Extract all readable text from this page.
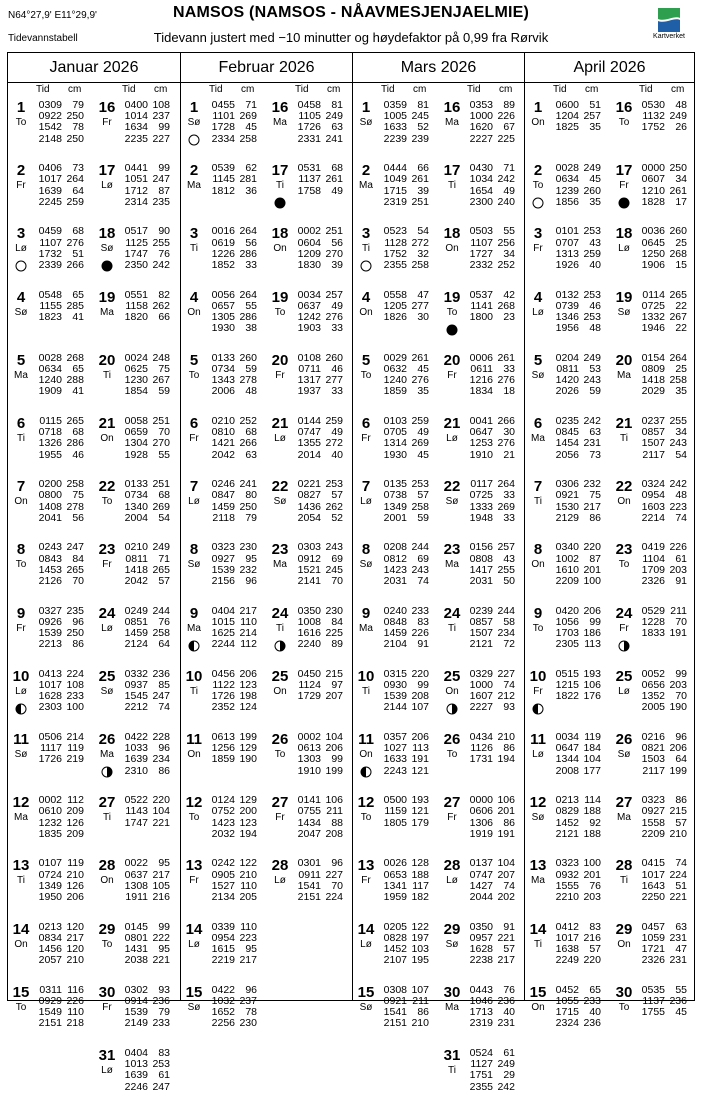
N64°27,9' E11°29,9'
Tidevannstabell
NAMSOS (NAMSOS - NÅAVMESJENJAELMIE)
Tidevann justert med −10 minutter og høydefaktor på 0,99 fra Rørvik	Kartverket
Januar 2026
Tid cm	Tid cm
1
To
0309 79
0922 250
1542 78
2148 250
2
Fr
0406 73
1017 264
1639 64
2245 259
3
Lø
0459 68
1107 276
1732 51
2339 266
4
Sø
0548 65
1155 285
1823 41
5
Ma
0028 268
0634 65
1240 288
1909 41
6
Ti
0115 265
0718 68
1326 286
1955 46
7
On
0200 258
0800 75
1408 278
2041 56
8
To
0243 247
0843 84
1453 265
2126 70
9
Fr
0327 235
0926 96
1539 250
2213 86
10
Lø
0413 224
1017 108
1628 233
2303 100
11
Sø
0506 214
1117 119
1726 219
12
Ma
0002 112
0610 209
1232 126
1835 209
13
Ti
0107 119
0724 210
1349 126
1950 206
14
On
0213 120
0834 217
1456 120
2057 210
15
To
0311 116
0929 226
1549 110
2151 218
16
Fr
0400 108
1014 237
1634 99
2235 227
17
Lø
0441 99
1051 247
1712 87
2314 235
18
Sø
0517 90
1125 255
1747 76
2350 242
19
Ma
0551 82
1158 262
1820 66
20
Ti
0024 248
0625 75
1230 267
1854 59
21
On
0058 251
0659 70
1304 270
1928 55
22
To
0133 251
0734 68
1340 269
2004 54
23
Fr
0210 249
0811 71
1418 265
2042 57
24
Lø
0249 244
0851 76
1459 258
2124 64
25
Sø
0332 236
0937 85
1545 247
2212 74
26
Ma
0422 228
1033 96
1639 234
2310 86
27
Ti
0522 220
1143 104
1747 221
28
On
0022 95
0637 217
1308 105
1911 216
29
To
0145 99
0801 222
1431 95
2038 221
30
Fr
0302 93
0914 236
1539 79
2149 233
31
Lø
0404 83
1013 253
1639 61
2246 247
Februar 2026
Tid cm	Tid cm
1
Sø
0455 71
1101 269
1728 45
2334 258
2
Ma
0539 62
1145 281
1812 36
3
Ti
0016 264
0619 56
1226 286
1852 33
4
On
0056 264
0657 55
1305 286
1930 38
5
To
0133 260
0734 59
1343 278
2006 48
6
Fr
0210 252
0810 68
1421 266
2042 63
7
Lø
0246 241
0847 80
1459 250
2118 79
8
Sø
0323 230
0927 95
1539 232
2156 96
9
Ma
0404 217
1015 110
1625 214
2244 112
10
Ti
0456 206
1122 123
1726 198
2352 124
11
On
0613 199
1256 129
1859 190
12
To
0124 129
0752 200
1423 123
2032 194
13
Fr
0242 122
0905 210
1527 110
2134 205
14
Lø
0339 110
0954 223
1615 95
2219 217
15
Sø
0422 96
1032 237
1652 78
2256 230
16
Ma
0458 81
1105 249
1726 63
2331 241
17
Ti
0531 68
1137 261
1758 49
18
On
0002 251
0604 56
1209 270
1830 39
19
To
0034 257
0637 49
1242 276
1903 33
20
Fr
0108 260
0711 46
1317 277
1937 33
21
Lø
0144 259
0747 49
1355 272
2014 40
22
Sø
0221 253
0827 57
1436 262
2054 52
23
Ma
0303 243
0912 69
1521 245
2141 70
24
Ti
0350 230
1008 84
1616 225
2240 89
25
On
0450 215
1124 97
1729 207
26
To
0002 104
0613 206
1303 99
1910 199
27
Fr
0141 106
0755 211
1434 88
2047 208
28
Lø
0301 96
0911 227
1541 70
2151 224
Mars 2026
Tid cm	Tid cm
1
Sø
0359 81
1005 245
1633 52
2239 239
2
Ma
0444 66
1049 261
1715 39
2319 251
3
Ti
0523 54
1128 272
1752 32
2355 258
4
On
0558 47
1205 277
1826 30
5
To
0029 261
0632 45
1240 276
1859 35
6
Fr
0103 259
0705 49
1314 269
1930 45
7
Lø
0135 253
0738 57
1349 258
2001 59
8
Sø
0208 244
0812 69
1423 243
2031 74
9
Ma
0240 233
0848 83
1459 226
2104 91
10
Ti
0315 220
0930 99
1539 208
2144 107
11
On
0357 206
1027 113
1633 191
2243 121
12
To
0500 193
1159 121
1805 179
13
Fr
0026 128
0653 188
1341 117
1959 182
14
Lø
0205 122
0828 197
1452 103
2107 195
15
Sø
0308 107
0921 211
1541 86
2151 210
16
Ma
0353 89
1000 226
1620 67
2227 225
17
Ti
0430 71
1034 242
1654 49
2300 240
18
On
0503 55
1107 256
1727 34
2332 252
19
To
0537 42
1141 268
1800 23
20
Fr
0006 261
0611 33
1216 276
1834 18
21
Lø
0041 266
0647 30
1253 276
1910 21
22
Sø
0117 264
0725 33
1333 269
1948 33
23
Ma
0156 257
0808 43
1417 255
2031 50
24
Ti
0239 244
0857 58
1507 234
2121 72
25
On
0329 227
1000 74
1607 212
2227 93
26
To
0434 210
1126 86
1731 194
27
Fr
0000 106
0606 201
1306 86
1919 191
28
Lø
0137 104
0747 207
1427 74
2044 202
29
Sø
0350 91
0957 221
1628 57
2238 217
30
Ma
0443 76
1046 236
1713 40
2319 231
31
Ti
0524 61
1127 249
1751 29
2355 242
April 2026
Tid cm	Tid cm
1
On
0600 51
1204 257
1825 35
2
To
0028 249
0634 45
1239 260
1856 35
3
Fr
0101 253
0707 43
1313 259
1926 40
4
Lø
0132 253
0739 46
1346 253
1956 48
5
Sø
0204 249
0811 53
1420 243
2026 59
6
Ma
0235 242
0845 63
1454 231
2056 73
7
Ti
0306 232
0921 75
1530 217
2129 86
8
On
0340 220
1002 87
1610 201
2209 100
9
To
0420 206
1056 99
1703 186
2305 113
10
Fr
0515 193
1215 106
1822 176
11
Lø
0034 119
0647 184
1344 104
2008 177
12
Sø
0213 114
0829 188
1452 92
2121 188
13
Ma
0323 100
0932 201
1555 76
2210 203
14
Ti
0412 83
1017 216
1638 57
2249 220
15
On
0452 65
1055 233
1715 40
2324 236
16
To
0530 48
1132 249
1752 26
17
Fr
0000 250
0607 34
1210 261
1828 17
18
Lø
0036 260
0645 25
1250 268
1906 15
19
Sø
0114 265
0725 22
1332 267
1946 22
20
Ma
0154 264
0809 25
1418 258
2029 35
21
Ti
0237 255
0857 34
1507 243
2117 54
22
On
0324 242
0954 48
1603 223
2214 74
23
To
0419 226
1104 61
1709 203
2326 91
24
Fr
0529 211
1228 70
1833 191
25
Lø
0052 99
0656 203
1352 70
2005 190
26
Sø
0216 96
0821 206
1503 64
2117 199
27
Ma
0323 86
0927 215
1558 57
2209 210
28
Ti
0415 74
1017 224
1643 51
2250 221
29
On
0457 63
1059 231
1721 47
2326 231
30
To
0535 55
1137 236
1755 45
